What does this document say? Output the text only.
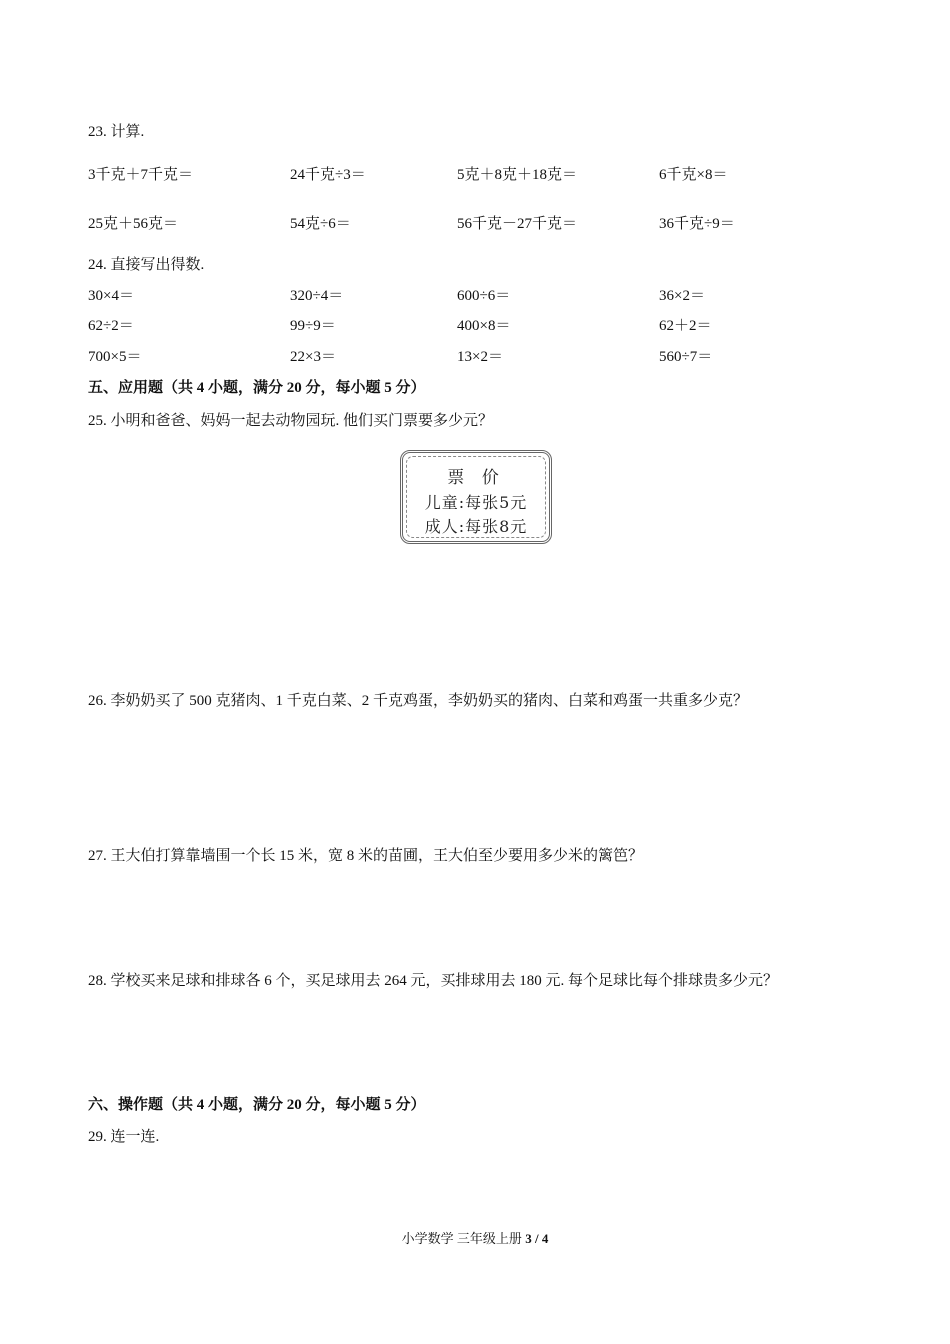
23. 计算.
3千克＋7千克＝	24千克÷3＝	5克＋8克＋18克＝	6千克×8＝
25克＋56克＝	54克÷6＝	56千克－27千克＝	36千克÷9＝
24. 直接写出得数.
30×4＝	320÷4＝	600÷6＝	36×2＝
62÷2＝	99÷9＝	400×8＝	62＋2＝
700×5＝	22×3＝	13×2＝	560÷7＝
五、应用题（共 4 小题，满分 20 分，每小题 5 分）
25. 小明和爸爸、妈妈一起去动物园玩. 他们买门票要多少元？
票 价
儿童:每张5元
成人:每张8元
26. 李奶奶买了 500 克猪肉、1 千克白菜、2 千克鸡蛋，李奶奶买的猪肉、白菜和鸡蛋一共重多少克？
27. 王大伯打算靠墙围一个长 15 米，宽 8 米的苗圃，王大伯至少要用多少米的篱笆？
28. 学校买来足球和排球各 6 个，买足球用去 264 元，买排球用去 180 元. 每个足球比每个排球贵多少元？
六、操作题（共 4 小题，满分 20 分，每小题 5 分）
29. 连一连.
小学数学 三年级上册 3 / 4
